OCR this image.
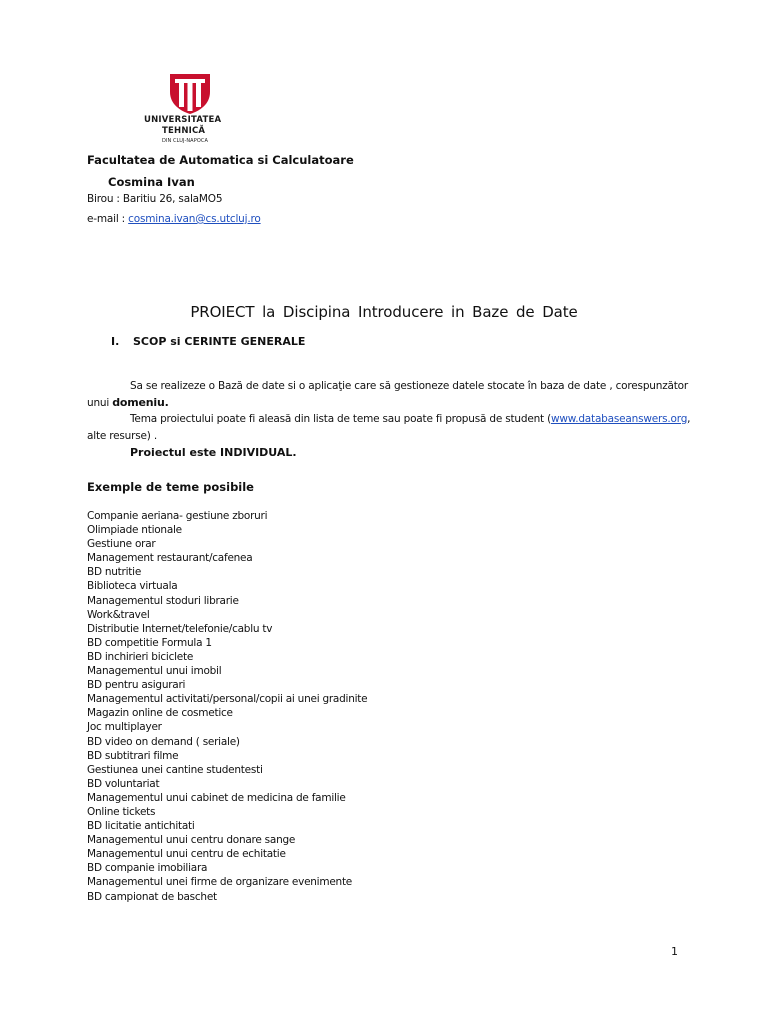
UNIVERSITATEA
TEHNICĂ
DIN CLUJ-NAPOCA
Facultatea de Automatica si Calculatoare
Cosmina Ivan
Birou : Baritiu 26, salaMO5
e-mail : cosmina.ivan@cs.utcluj.ro
PROIECT la Discipina Introducere in Baze de Date
I. SCOP si CERINTE GENERALE
Sa se realizeze o Bază de date si o aplicaţie care să gestioneze datele stocate în baza de date , corespunzător
unui domeniu.
Tema proiectului poate fi aleasă din lista de teme sau poate fi propusă de student (www.databaseanswers.org,
alte resurse) .
Proiectul este INDIVIDUAL.
Exemple de teme posibile
Companie aeriana- gestiune zboruri
Olimpiade ntionale
Gestiune orar
Management restaurant/cafenea
BD nutritie
Biblioteca virtuala
Managementul stoduri librarie
Work&travel
Distributie Internet/telefonie/cablu tv
BD competitie Formula 1
BD inchirieri biciclete
Managementul unui imobil
BD pentru asigurari
Managementul activitati/personal/copii ai unei gradinite
Magazin online de cosmetice
Joc multiplayer
BD video on demand ( seriale)
BD subtitrari filme
Gestiunea unei cantine studentesti
BD voluntariat
Managementul unui cabinet de medicina de familie
Online tickets
BD licitatie antichitati
Managementul unui centru donare sange
Managementul unui centru de echitatie
BD companie imobiliara
Managementul unei firme de organizare evenimente
BD campionat de baschet
1
